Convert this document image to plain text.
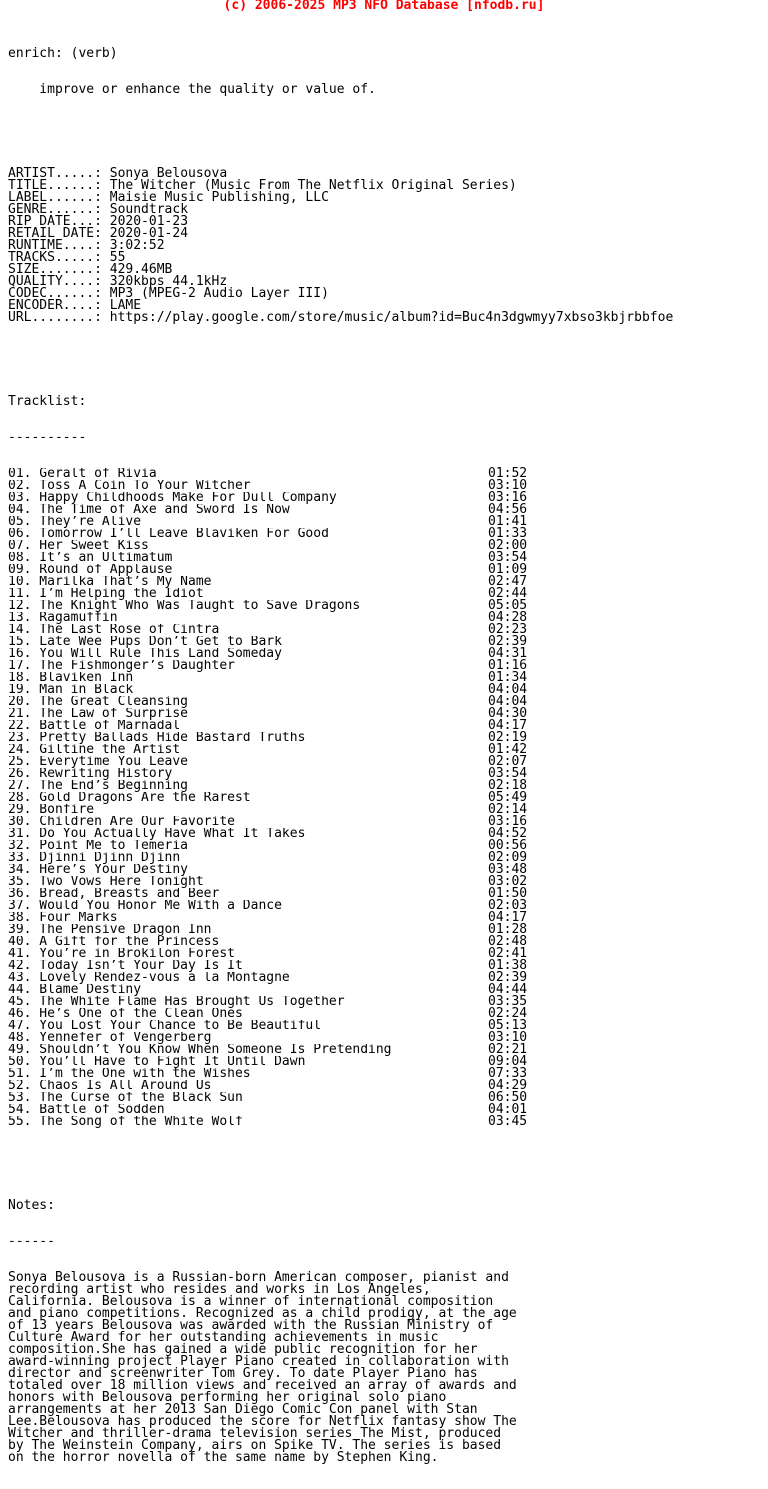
(c) 2006-2025 MP3 NFO Database [nfodb.ru]

enrich: (verb)

improve or enhance the quality or value of.

ARTIST.....: Sonya Belousova
TITLE......: The Witcher (Music From The Netflix Original Series)
LABEL......: Maisie Music Publishing, LLC
GENRE......: Soundtrack
RIP DATE...: 2020-01-23
RETAIL DATE: 2020-01-24
RUNTIME....: 3:02:52
TRACKS.....: 55
SIZE.......: 429.46MB
QUALITY....: 320kbps 44.1kHz
CODEC......: MP3 (MPEG-2 Audio Layer III)
ENCODER....: LAME
URL........: https://play.google.com/store/music/album?id=Buc4n3dgwmyy7xbso3kbjrbbfoe

Tracklist:

----------

01. Geralt of Rivia	01:52
02. Toss A Coin To Your Witcher	03:10
03. Happy Childhoods Make For Dull Company	03:16
04. The Time of Axe and Sword Is Now	04:56
05. They’re Alive	01:41
06. Tomorrow I’ll Leave Blaviken For Good	01:33
07. Her Sweet Kiss	02:00
08. It’s an Ultimatum	03:54
09. Round of Applause	01:09
10. Marilka That’s My Name	02:47
11. I’m Helping the Idiot	02:44
12. The Knight Who Was Taught to Save Dragons	05:05
13. Ragamuffin	04:28
14. The Last Rose of Cintra	02:23
15. Late Wee Pups Don’t Get to Bark	02:39
16. You Will Rule This Land Someday	04:31
17. The Fishmonger’s Daughter	01:16
18. Blaviken Inn	01:34
19. Man in Black	04:04
20. The Great Cleansing	04:04
21. The Law of Surprise	04:30
22. Battle of Marnadal	04:17
23. Pretty Ballads Hide Bastard Truths	02:19
24. Giltine the Artist	01:42
25. Everytime You Leave	02:07
26. Rewriting History	03:54
27. The End’s Beginning	02:18
28. Gold Dragons Are the Rarest	05:49
29. Bonfire	02:14
30. Children Are Our Favorite	03:16
31. Do You Actually Have What It Takes	04:52
32. Point Me to Temeria	00:56
33. Djinni Djinn Djinn	02:09
34. Here’s Your Destiny	03:48
35. Two Vows Here Tonight	03:02
36. Bread, Breasts and Beer	01:50
37. Would You Honor Me With a Dance	02:03
38. Four Marks	04:17
39. The Pensive Dragon Inn	01:28
40. A Gift for the Princess	02:48
41. You’re in Brokilon Forest	02:41
42. Today Isn’t Your Day Is It	01:38
43. Lovely Rendez-vous a la Montagne	02:39
44. Blame Destiny	04:44
45. The White Flame Has Brought Us Together	03:35
46. He’s One of the Clean Ones	02:24
47. You Lost Your Chance to Be Beautiful	05:13
48. Yennefer of Vengerberg	03:10
49. Shouldn’t You Know When Someone Is Pretending	02:21
50. You’ll Have to Fight It Until Dawn	09:04
51. I’m the One with the Wishes	07:33
52. Chaos Is All Around Us	04:29
53. The Curse of the Black Sun	06:50
54. Battle of Sodden	04:01
55. The Song of the White Wolf	03:45

Notes:

------

Sonya Belousova is a Russian-born American composer, pianist and
recording artist who resides and works in Los Angeles,
California. Belousova is a winner of international composition
and piano competitions. Recognized as a child prodigy, at the age
of 13 years Belousova was awarded with the Russian Ministry of
Culture Award for her outstanding achievements in music
composition.She has gained a wide public recognition for her
award-winning project Player Piano created in collaboration with
director and screenwriter Tom Grey. To date Player Piano has
totaled over 18 million views and received an array of awards and
honors with Belousova performing her original solo piano
arrangements at her 2013 San Diego Comic Con panel with Stan
Lee.Belousova has produced the score for Netflix fantasy show The
Witcher and thriller-drama television series The Mist, produced
by The Weinstein Company, airs on Spike TV. The series is based
on the horror novella of the same name by Stephen King.
